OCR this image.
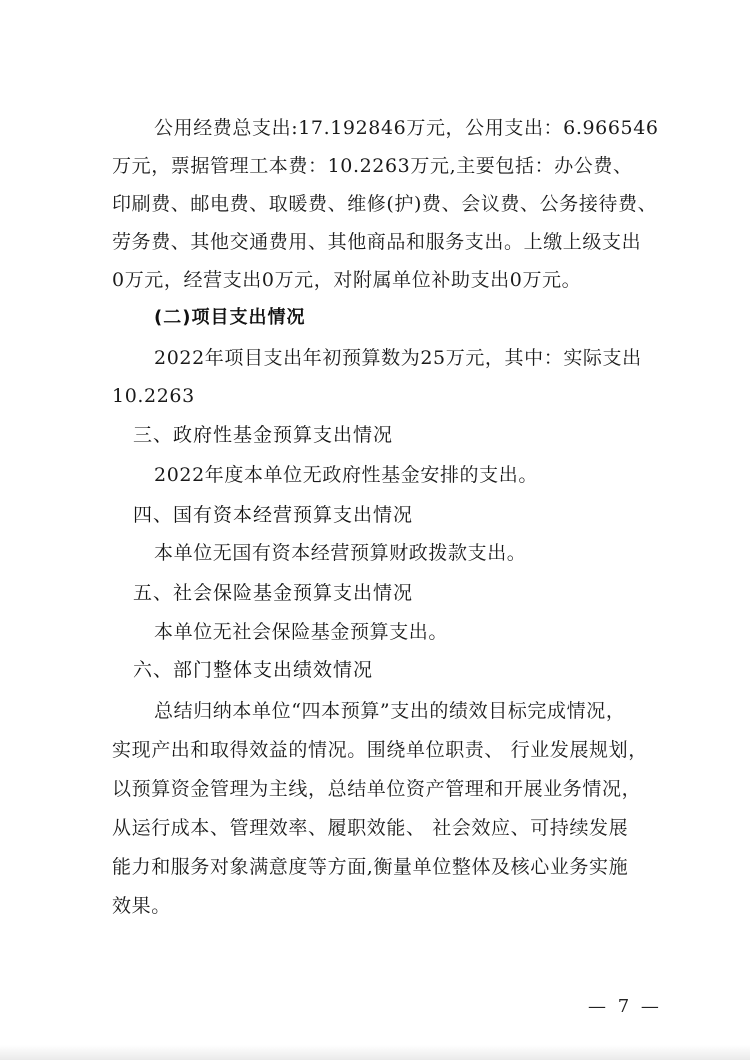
公用经费总支出:17.192846万元，公用支出：6.966546
万元，票据管理工本费：10.2263万元,主要包括：办公费、
印刷费、邮电费、取暖费、维修(护)费、会议费、公务接待费、
劳务费、其他交通费用、其他商品和服务支出。上缴上级支出
0万元，经营支出0万元，对附属单位补助支出0万元。
(二)项目支出情况
2022年项目支出年初预算数为25万元，其中：实际支出
10.2263
三、政府性基金预算支出情况
2022年度本单位无政府性基金安排的支出。
四、国有资本经营预算支出情况
本单位无国有资本经营预算财政拨款支出。
五、社会保险基金预算支出情况
本单位无社会保险基金预算支出。
六、部门整体支出绩效情况
总结归纳本单位“四本预算”支出的绩效目标完成情况，
实现产出和取得效益的情况。围绕单位职责、 行业发展规划，
以预算资金管理为主线，总结单位资产管理和开展业务情况，
从运行成本、管理效率、履职效能、 社会效应、可持续发展
能力和服务对象满意度等方面,衡量单位整体及核心业务实施
效果。
— 7 —
